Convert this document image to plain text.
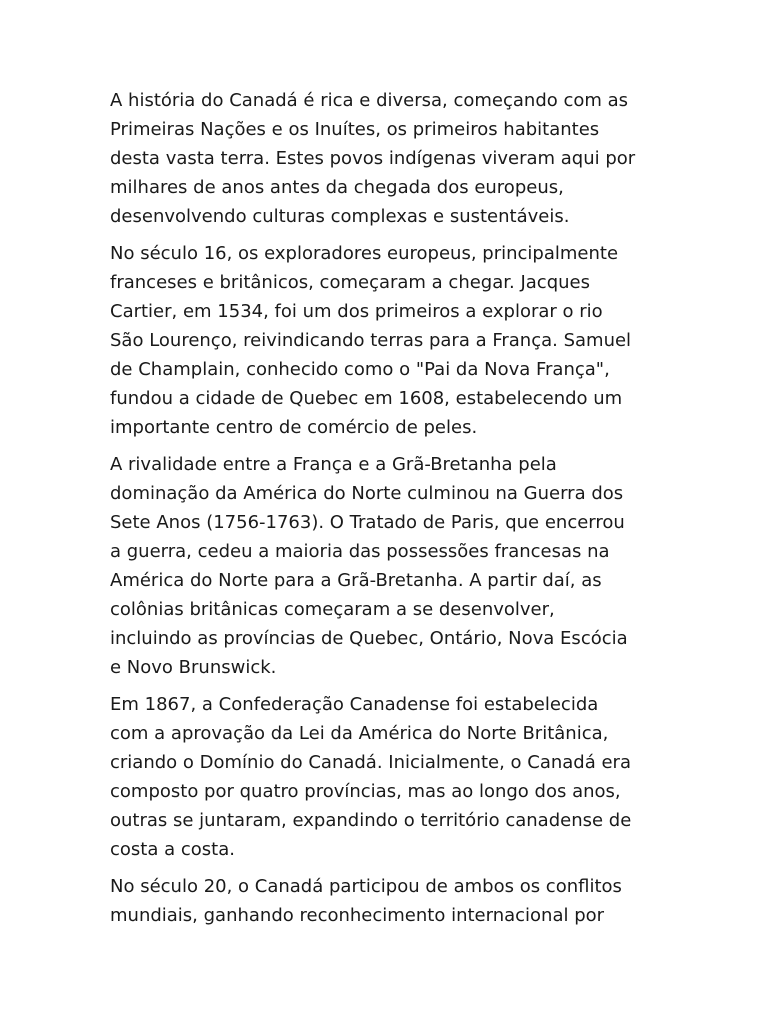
A história do Canadá é rica e diversa, começando com as
Primeiras Nações e os Inuítes, os primeiros habitantes
desta vasta terra. Estes povos indígenas viveram aqui por
milhares de anos antes da chegada dos europeus,
desenvolvendo culturas complexas e sustentáveis.

No século 16, os exploradores europeus, principalmente
franceses e britânicos, começaram a chegar. Jacques
Cartier, em 1534, foi um dos primeiros a explorar o rio
São Lourenço, reivindicando terras para a França. Samuel
de Champlain, conhecido como o "Pai da Nova França",
fundou a cidade de Quebec em 1608, estabelecendo um
importante centro de comércio de peles.

A rivalidade entre a França e a Grã-Bretanha pela
dominação da América do Norte culminou na Guerra dos
Sete Anos (1756-1763). O Tratado de Paris, que encerrou
a guerra, cedeu a maioria das possessões francesas na
América do Norte para a Grã-Bretanha. A partir daí, as
colônias britânicas começaram a se desenvolver,
incluindo as províncias de Quebec, Ontário, Nova Escócia
e Novo Brunswick.

Em 1867, a Confederação Canadense foi estabelecida
com a aprovação da Lei da América do Norte Britânica,
criando o Domínio do Canadá. Inicialmente, o Canadá era
composto por quatro províncias, mas ao longo dos anos,
outras se juntaram, expandindo o território canadense de
costa a costa.

No século 20, o Canadá participou de ambos os conflitos
mundiais, ganhando reconhecimento internacional por
